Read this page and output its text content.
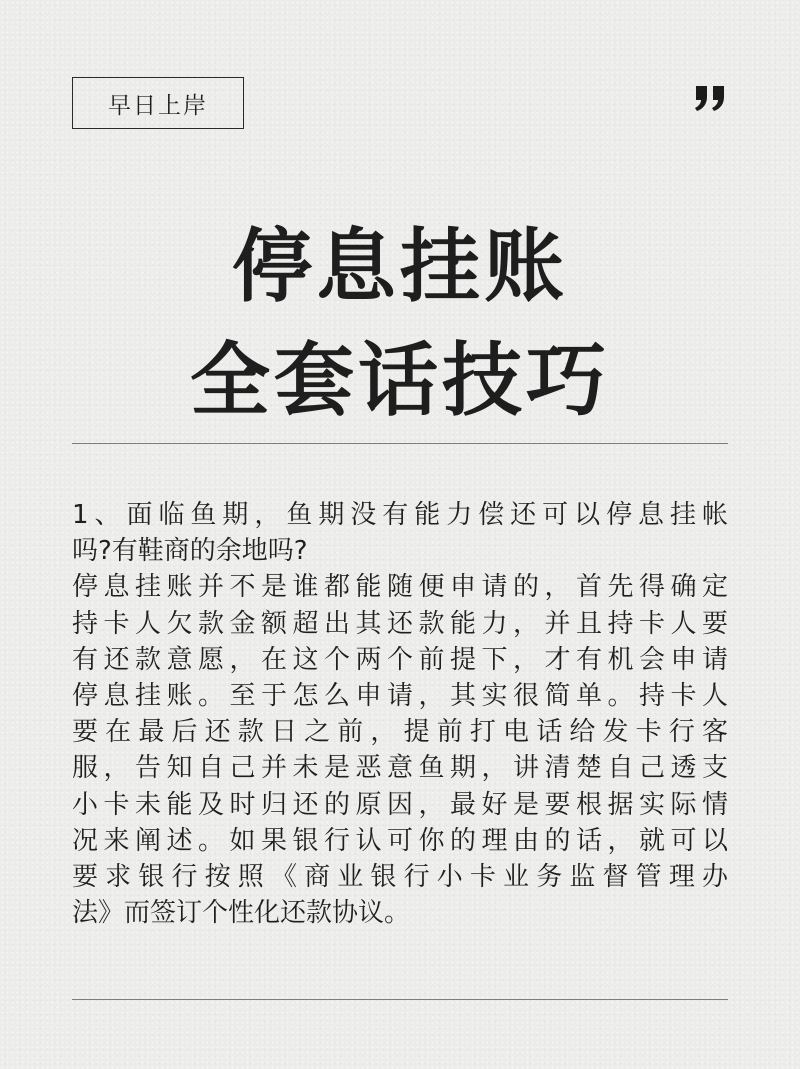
早日上岸
停息挂账
全套话技巧
1、面临鱼期，鱼期没有能力偿还可以停息挂帐
吗?有鞋商的余地吗?
停息挂账并不是谁都能随便申请的，首先得确定
持卡人欠款金额超出其还款能力，并且持卡人要
有还款意愿，在这个两个前提下，才有机会申请
停息挂账。至于怎么申请，其实很简单。持卡人
要在最后还款日之前，提前打电话给发卡行客
服，告知自己并未是恶意鱼期，讲清楚自己透支
小卡未能及时归还的原因，最好是要根据实际情
况来阐述。如果银行认可你的理由的话，就可以
要求银行按照《商业银行小卡业务监督管理办
法》而签订个性化还款协议。
